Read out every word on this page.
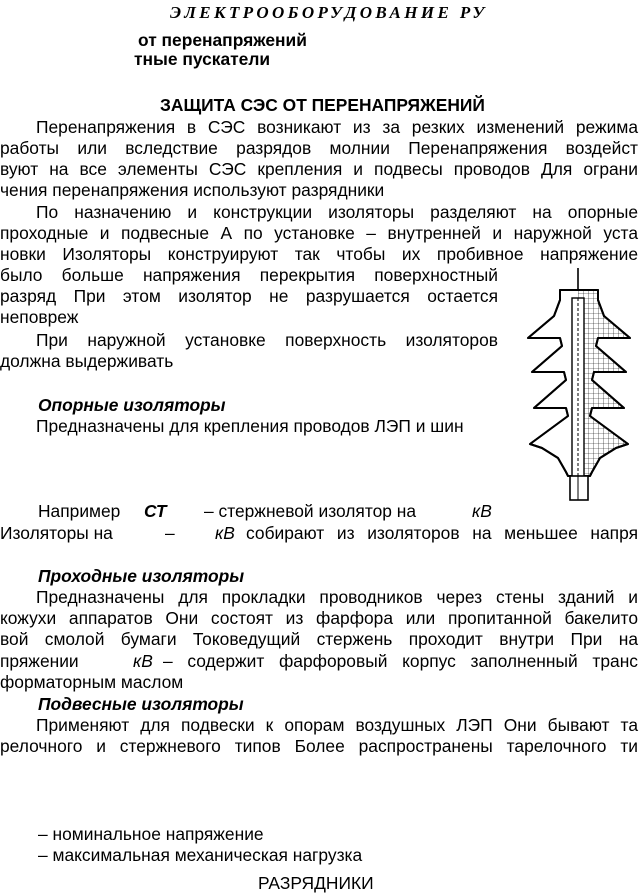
ЭЛЕКТРООБОРУДОВАНИЕ РУ
от перенапряжений
тные пускатели
ЗАЩИТА СЭС ОТ ПЕРЕНАПРЯЖЕНИЙ
Перенапряжения в СЭС возникают из за резких изменений режима
работы или вследствие разрядов молнии Перенапряжения воздейст
вуют на все элементы СЭС крепления и подвесы проводов Для ограни
чения перенапряжения используют разрядники
По назначению и конструкции изоляторы разделяют на опорные
проходные и подвесные А по установке – внутренней и наружной уста
новки Изоляторы конструируют так чтобы их пробивное напряжение
было больше напряжения перекрытия поверхностный
разряд При этом изолятор не разрушается остается
неповреж
При наружной установке поверхность изоляторов
должна выдерживать
Опорные изоляторы
Предназначены для крепления проводов ЛЭП и шин
Например СТ – стержневой изолятор на	кВ
Изоляторы на	– кВ собирают из изоляторов на меньшее напря
Проходные изоляторы
Предназначены для прокладки проводников через стены зданий и
кожухи аппаратов Они состоят из фарфора или пропитанной бакелито
вой смолой бумаги Токоведущий стержень проходит внутри При на
пряжении	кВ – содержит фарфоровый корпус заполненный транс
форматорным маслом
Подвесные изоляторы
Применяют для подвески к опорам воздушных ЛЭП Они бывают та
релочного и стержневого типов Более распространены тарелочного ти
– номинальное напряжение
– максимальная механическая нагрузка
РАЗРЯДНИКИ
